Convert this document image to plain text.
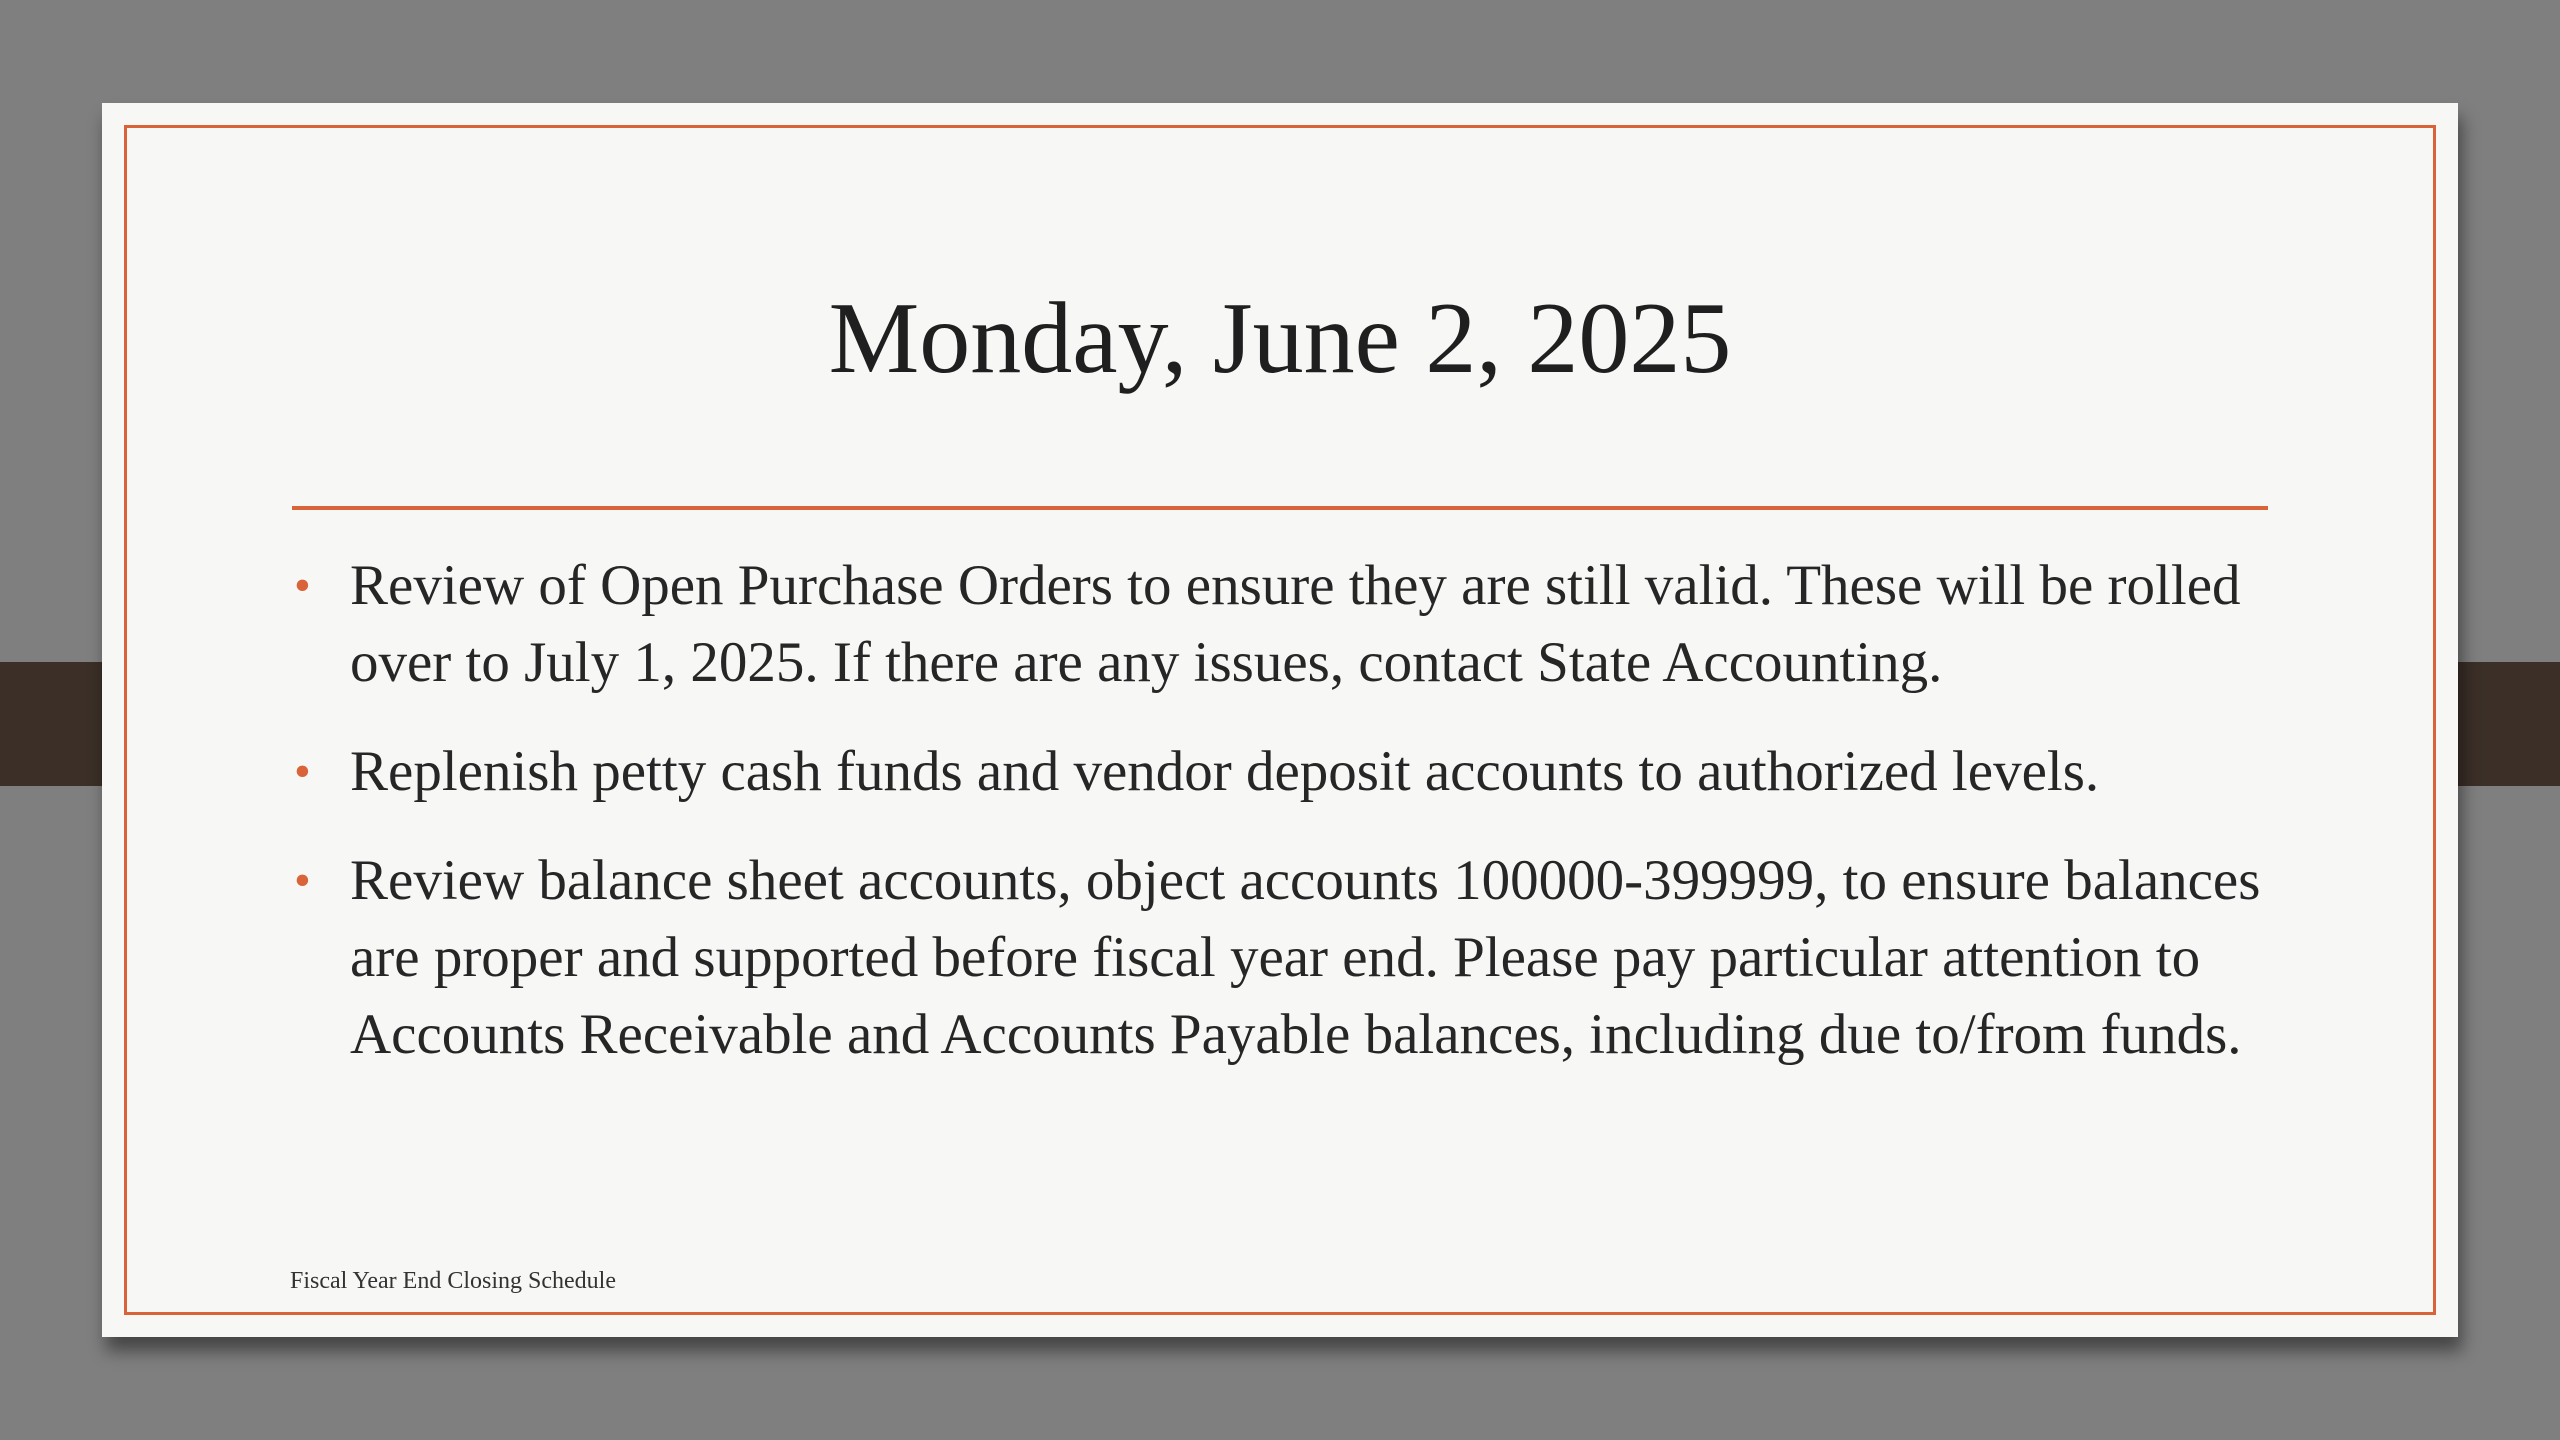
Monday, June 2, 2025
• Review of Open Purchase Orders to ensure they are still valid. These will be rolled over to July 1, 2025. If there are any issues, contact State Accounting.
• Replenish petty cash funds and vendor deposit accounts to authorized levels.
• Review balance sheet accounts, object accounts 100000-399999, to ensure balances are proper and supported before fiscal year end. Please pay particular attention to Accounts Receivable and Accounts Payable balances, including due to/from funds.
Fiscal Year End Closing Schedule
